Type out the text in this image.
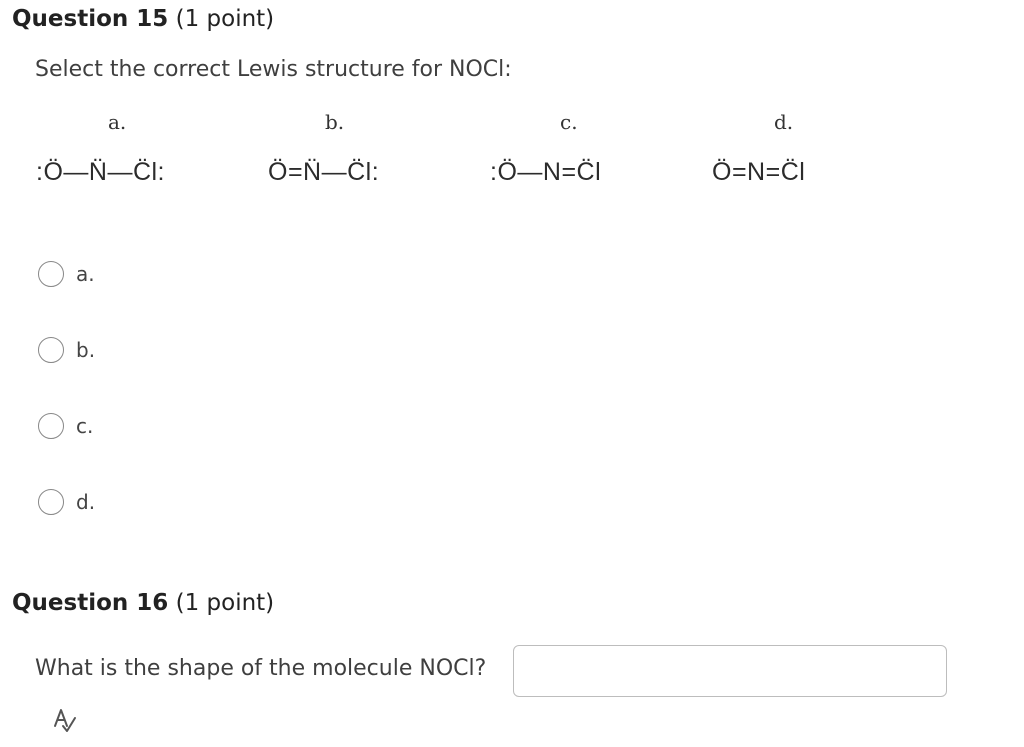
Question 15 (1 point)
Select the correct Lewis structure for NOCl:
a.	b.	c.	d.
:Ö—N̈—C̈l:	Ö=N̈—C̈l:	:Ö—N=C̈l	Ö=N=C̈l
a.
b.
c.
d.
Question 16 (1 point)
What is the shape of the molecule NOCl?
